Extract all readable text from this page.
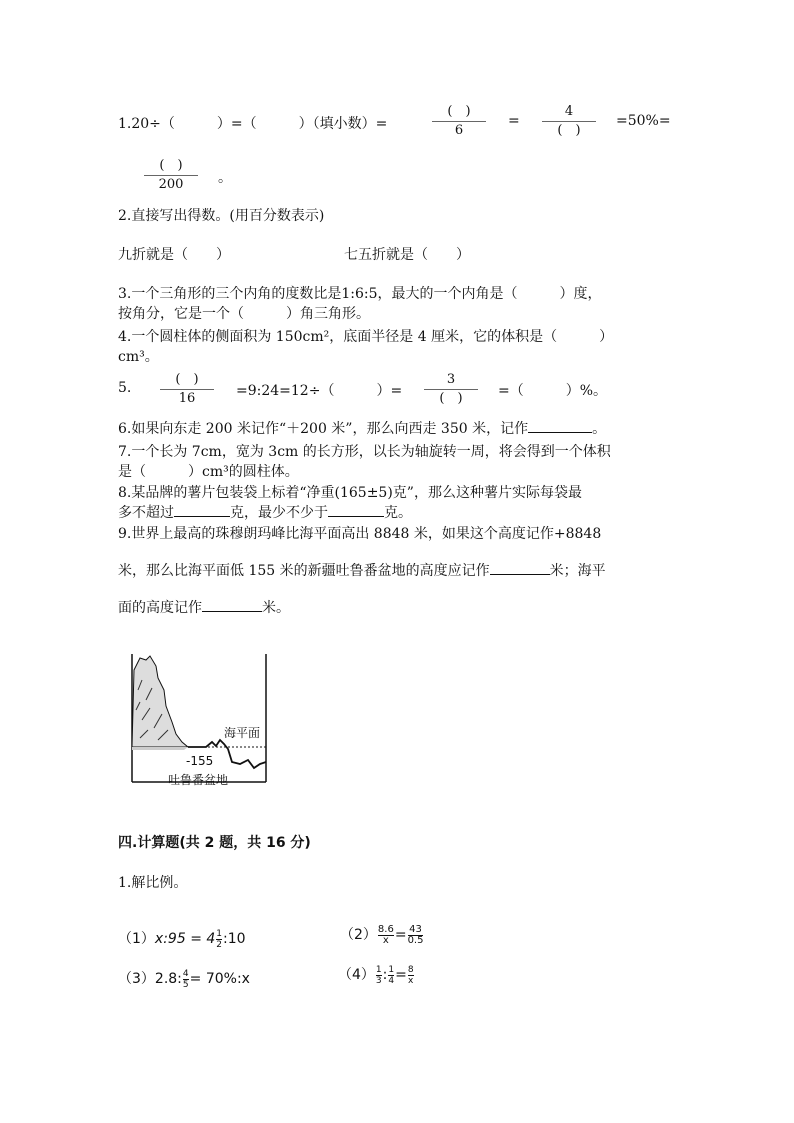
1.20÷（　　　）=（　　　）（填小数）=
(　)
6
=
4
(　)
=50%=
(　)
200	。
2.直接写出得数。(用百分数表示)
九折就是（　　）	七五折就是（　　）
3.一个三角形的三个内角的度数比是1:6:5，最大的一个内角是（　　　）度，
按角分，它是一个（　　　）角三角形。
4.一个圆柱体的侧面积为 150cm²，底面半径是 4 厘米，它的体积是（　　　）
cm³。
5.
(　)
16	=9:24=12÷（　　　）=
3
(　)	=（　　　）%。
6.如果向东走 200 米记作“＋200 米”，那么向西走 350 米，记作	。
7.一个长为 7cm，宽为 3cm 的长方形，以长为轴旋转一周，将会得到一个体积
是（　　　）cm³的圆柱体。
8.某品牌的薯片包装袋上标着“净重(165±5)克”，那么这种薯片实际每袋最
多不超过	克，最少不少于	克。
9.世界上最高的珠穆朗玛峰比海平面高出 8848 米，如果这个高度记作+8848
米，那么比海平面低 155 米的新疆吐鲁番盆地的高度应记作	米；海平
面的高度记作	米。
海平面
-155
吐鲁番盆地
四.计算题(共 2 题，共 16 分)
1.解比例。
（1）x:95 = $4 \frac{1}{2}$ :10	$(2) \frac{8.6}{x} = \frac{43}{0.5}$
（3）2.8: $\frac{4}{5}$ = 70%:x	$(4) \frac{1}{3}$ : $\frac{1}{4} = \frac{8}{x}$
